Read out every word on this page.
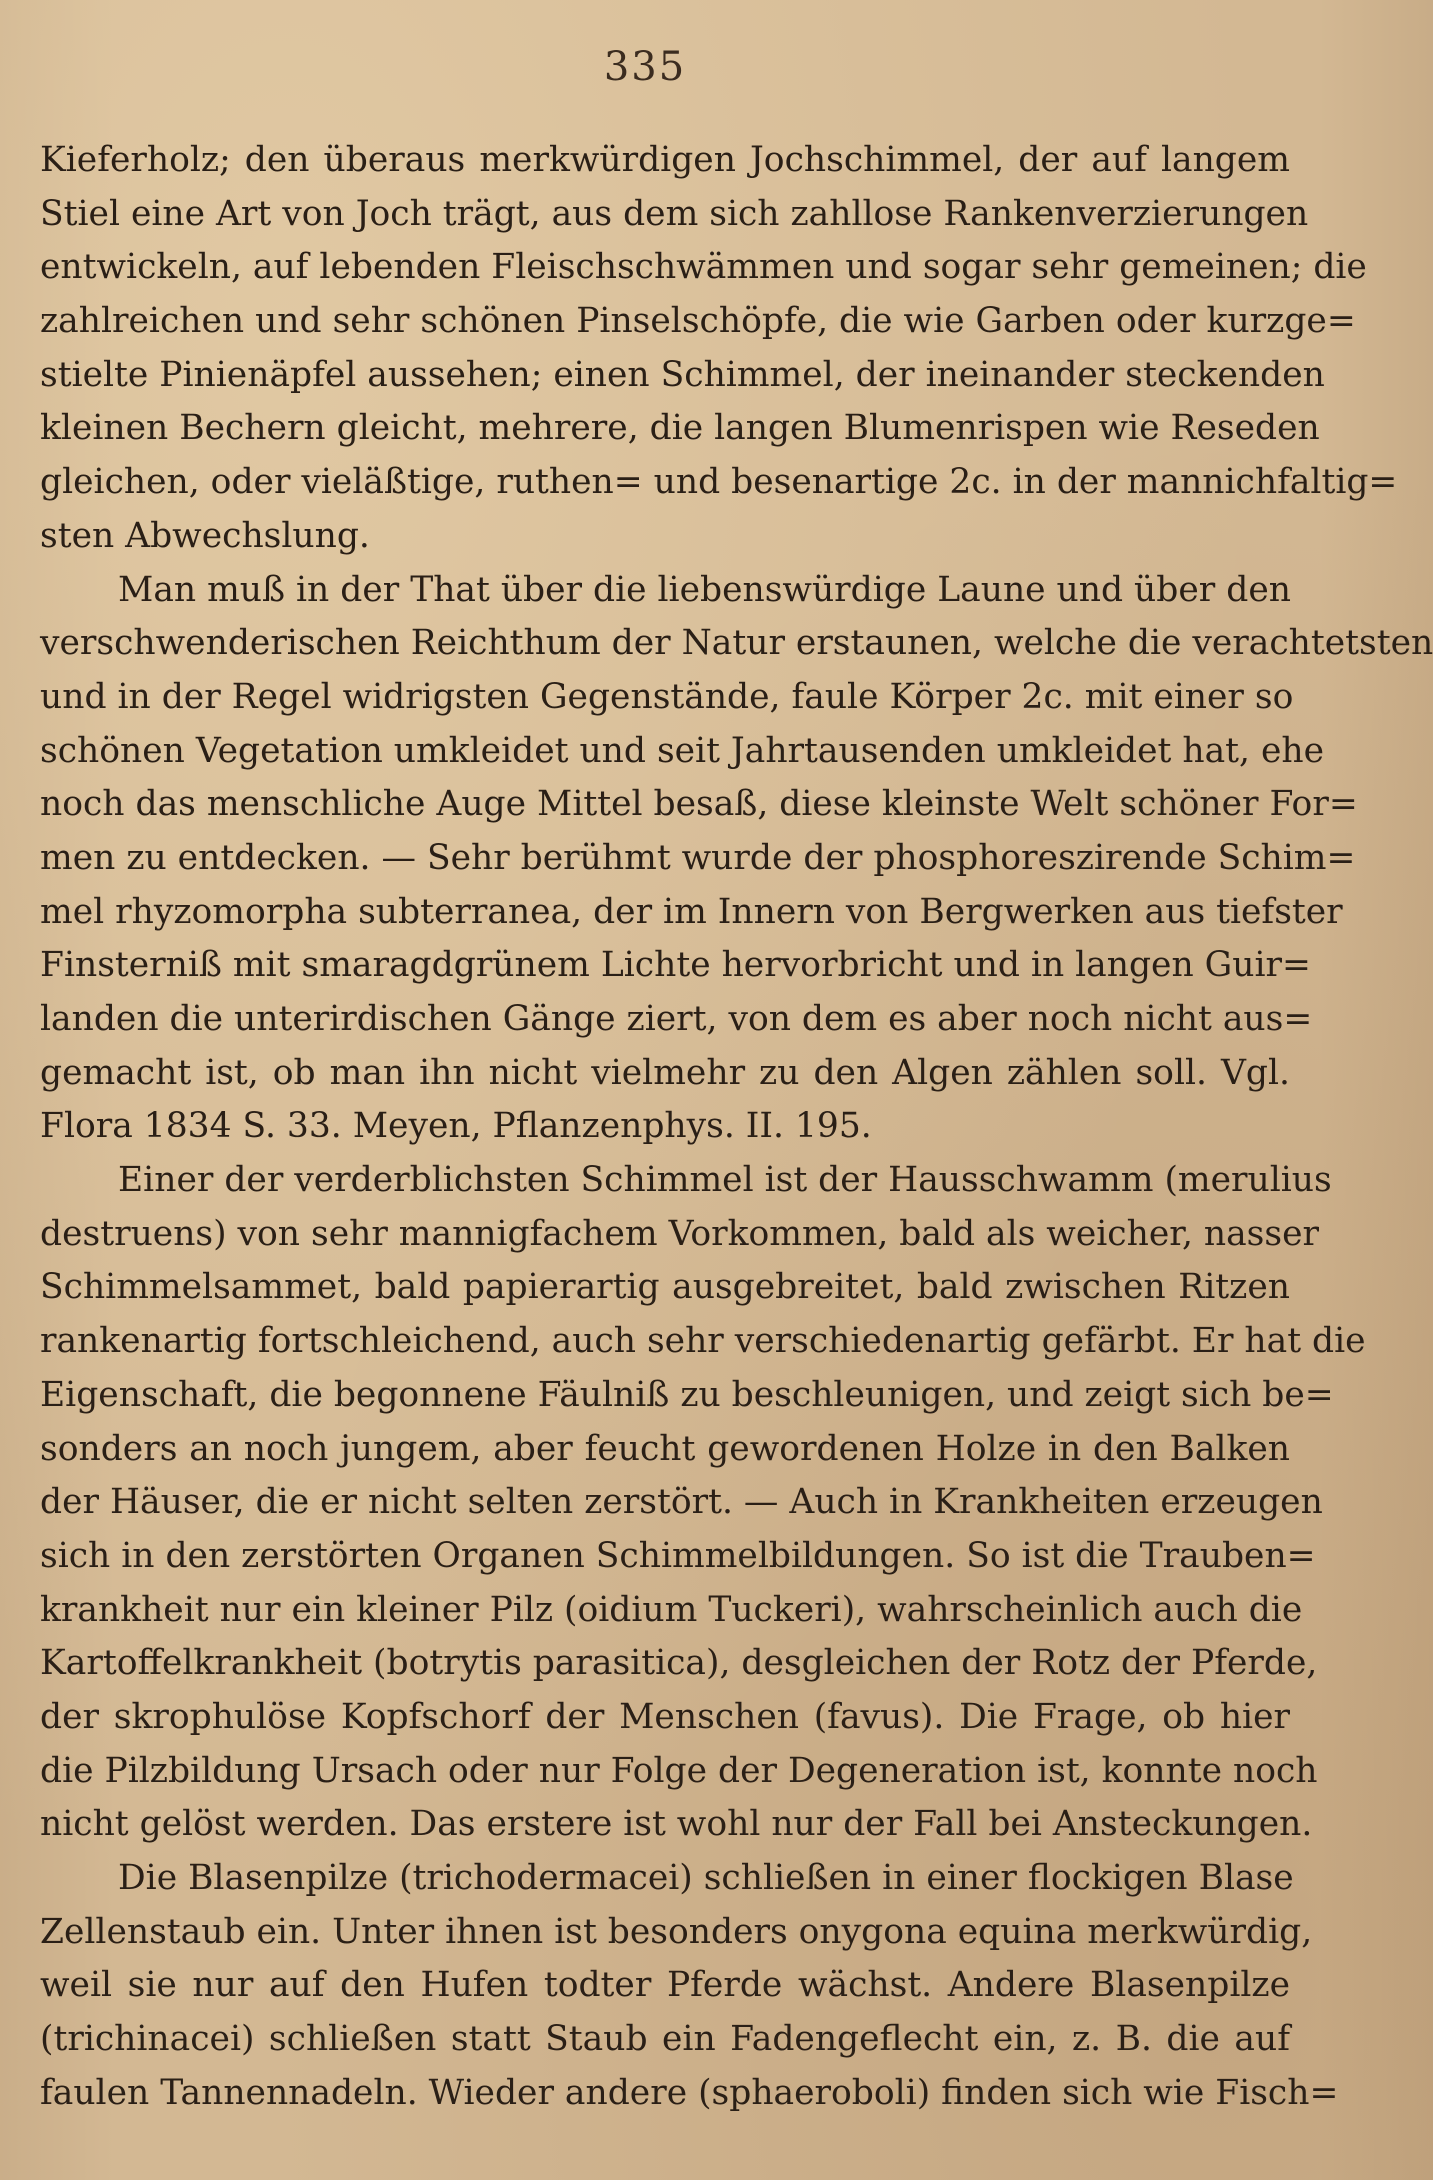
335
Kieferholz; den überaus merkwürdigen Jochschimmel, der auf langem
Stiel eine Art von Joch trägt, aus dem sich zahllose Rankenverzierungen
entwickeln, auf lebenden Fleischschwämmen und sogar sehr gemeinen; die
zahlreichen und sehr schönen Pinselschöpfe, die wie Garben oder kurzge=
stielte Pinienäpfel aussehen; einen Schimmel, der ineinander steckenden
kleinen Bechern gleicht, mehrere, die langen Blumenrispen wie Reseden
gleichen, oder vieläßtige, ruthen= und besenartige 2c. in der mannichfaltig=
sten Abwechslung.
Man muß in der That über die liebenswürdige Laune und über den
verschwenderischen Reichthum der Natur erstaunen, welche die verachtetsten
und in der Regel widrigsten Gegenstände, faule Körper 2c. mit einer so
schönen Vegetation umkleidet und seit Jahrtausenden umkleidet hat, ehe
noch das menschliche Auge Mittel besaß, diese kleinste Welt schöner For=
men zu entdecken. — Sehr berühmt wurde der phosphoreszirende Schim=
mel rhyzomorpha subterranea, der im Innern von Bergwerken aus tiefster
Finsterniß mit smaragdgrünem Lichte hervorbricht und in langen Guir=
landen die unterirdischen Gänge ziert, von dem es aber noch nicht aus=
gemacht ist, ob man ihn nicht vielmehr zu den Algen zählen soll. Vgl.
Flora 1834 S. 33. Meyen, Pflanzenphys. II. 195.
Einer der verderblichsten Schimmel ist der Hausschwamm (merulius
destruens) von sehr mannigfachem Vorkommen, bald als weicher, nasser
Schimmelsammet, bald papierartig ausgebreitet, bald zwischen Ritzen
rankenartig fortschleichend, auch sehr verschiedenartig gefärbt. Er hat die
Eigenschaft, die begonnene Fäulniß zu beschleunigen, und zeigt sich be=
sonders an noch jungem, aber feucht gewordenen Holze in den Balken
der Häuser, die er nicht selten zerstört. — Auch in Krankheiten erzeugen
sich in den zerstörten Organen Schimmelbildungen. So ist die Trauben=
krankheit nur ein kleiner Pilz (oidium Tuckeri), wahrscheinlich auch die
Kartoffelkrankheit (botrytis parasitica), desgleichen der Rotz der Pferde,
der skrophulöse Kopfschorf der Menschen (favus). Die Frage, ob hier
die Pilzbildung Ursach oder nur Folge der Degeneration ist, konnte noch
nicht gelöst werden. Das erstere ist wohl nur der Fall bei Ansteckungen.
Die Blasenpilze (trichodermacei) schließen in einer flockigen Blase
Zellenstaub ein. Unter ihnen ist besonders onygona equina merkwürdig,
weil sie nur auf den Hufen todter Pferde wächst. Andere Blasenpilze
(trichinacei) schließen statt Staub ein Fadengeflecht ein, z. B. die auf
faulen Tannennadeln. Wieder andere (sphaeroboli) finden sich wie Fisch=
